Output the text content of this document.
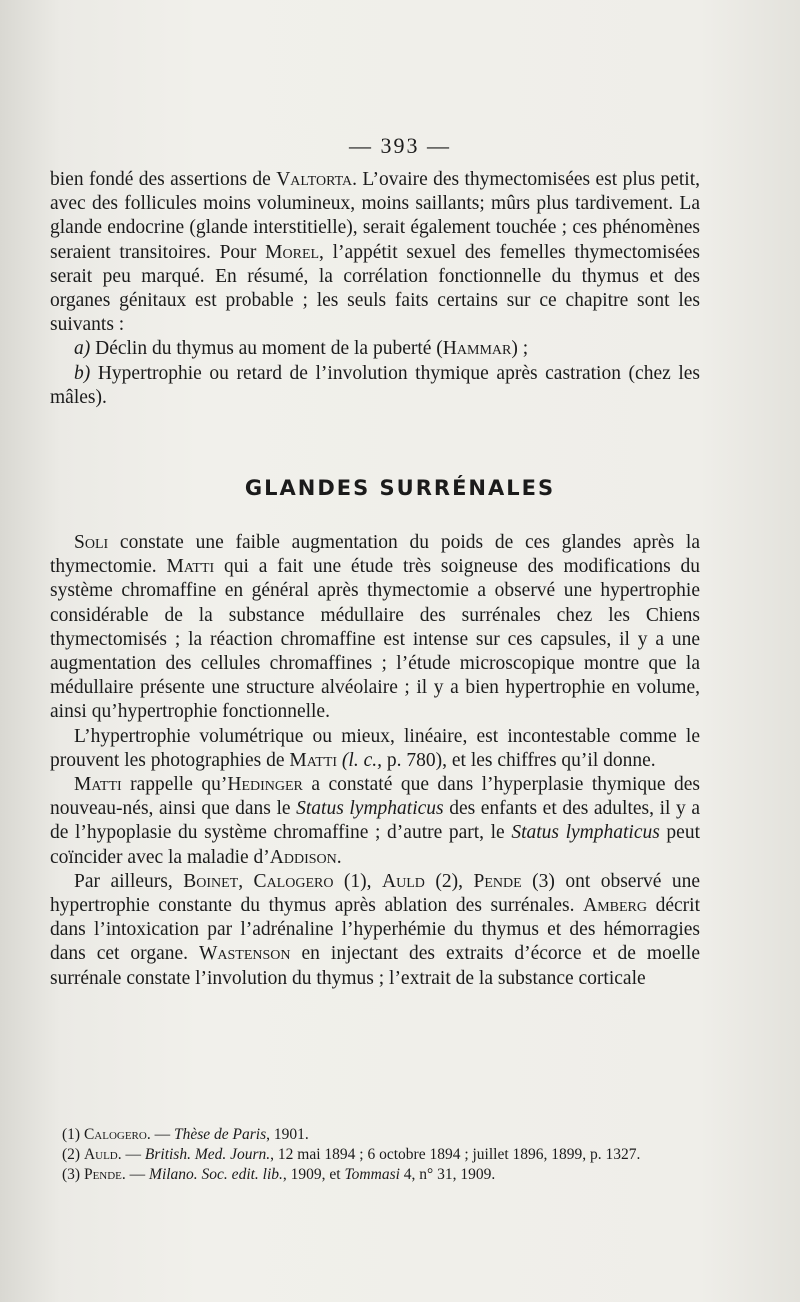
— 393 —

bien fondé des assertions de Valtorta. L’ovaire des thymectomisées est plus petit, avec des follicules moins volumineux, moins saillants; mûrs plus tardivement. La glande endocrine (glande interstitielle), serait également touchée ; ces phénomènes seraient transitoires. Pour Morel, l’appétit sexuel des femelles thymectomisées serait peu marqué. En résumé, la corrélation fonctionnelle du thymus et des organes génitaux est probable ; les seuls faits certains sur ce chapitre sont les suivants :

a) Déclin du thymus au moment de la puberté (Hammar) ;

b) Hypertrophie ou retard de l’involution thymique après castration (chez les mâles).

GLANDES SURRÉNALES

Soli constate une faible augmentation du poids de ces glandes après la thymectomie. Matti qui a fait une étude très soigneuse des modifications du système chromaffine en général après thymectomie a observé une hypertrophie considérable de la substance médullaire des surrénales chez les Chiens thymectomisés ; la réaction chromaffine est intense sur ces capsules, il y a une augmentation des cellules chromaffines ; l’étude microscopique montre que la médullaire présente une structure alvéolaire ; il y a bien hypertrophie en volume, ainsi qu’hypertrophie fonctionnelle.

L’hypertrophie volumétrique ou mieux, linéaire, est incontestable comme le prouvent les photographies de Matti (l. c., p. 780), et les chiffres qu’il donne.

Matti rappelle qu’Hedinger a constaté que dans l’hyperplasie thymique des nouveau-nés, ainsi que dans le Status lymphaticus des enfants et des adultes, il y a de l’hypoplasie du système chromaffine ; d’autre part, le Status lymphaticus peut coïncider avec la maladie d’Addison.

Par ailleurs, Boinet, Calogero (1), Auld (2), Pende (3) ont observé une hypertrophie constante du thymus après ablation des surrénales. Amberg décrit dans l’intoxication par l’adrénaline l’hyperhémie du thymus et des hémorragies dans cet organe. Wastenson en injectant des extraits d’écorce et de moelle surrénale constate l’involution du thymus ; l’extrait de la substance corticale

(1) Calogero. — Thèse de Paris, 1901.

(2) Auld. — British. Med. Journ., 12 mai 1894 ; 6 octobre 1894 ; juillet 1896, 1899, p. 1327.

(3) Pende. — Milano. Soc. edit. lib., 1909, et Tommasi 4, n° 31, 1909.
